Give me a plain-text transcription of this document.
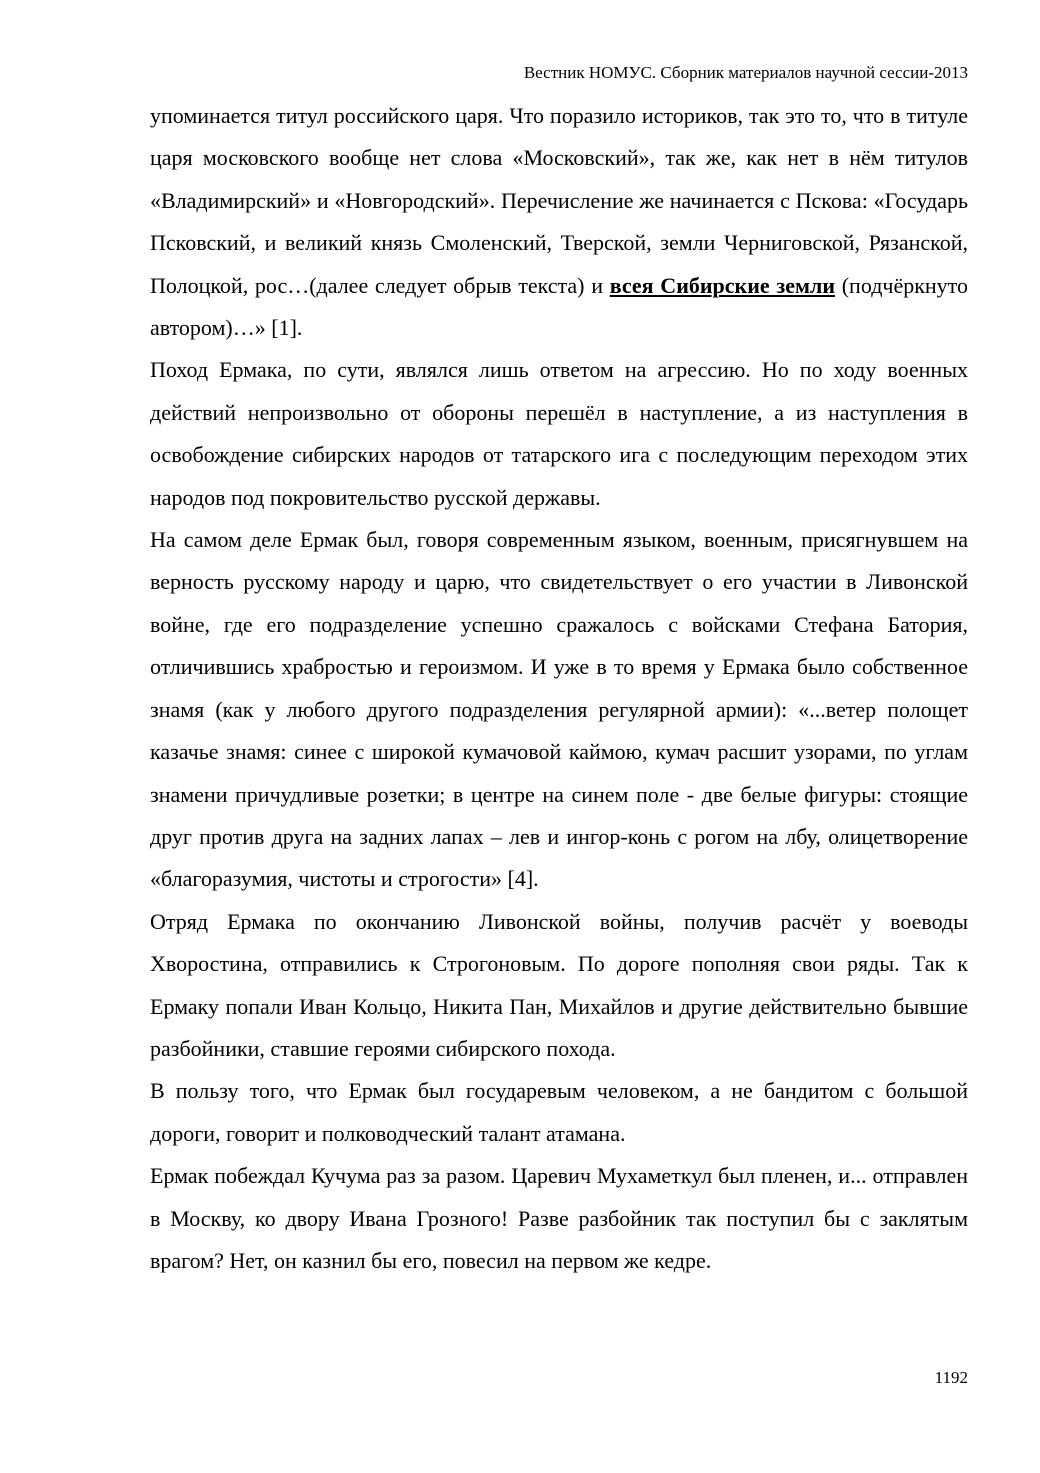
Вестник НОМУС. Сборник материалов научной сессии-2013

упоминается титул российского царя. Что поразило историков, так это то, что в титуле царя московского вообще нет слова «Московский», так же, как нет в нём титулов «Владимирский» и «Новгородский». Перечисление же начинается с Пскова: «Государь Псковский, и великий князь Смоленский, Тверской, земли Черниговской, Рязанской, Полоцкой, рос…(далее следует обрыв текста) и всея Сибирские земли (подчёркнуто автором)…» [1].

Поход Ермака, по сути, являлся лишь ответом на агрессию. Но по ходу военных действий непроизвольно от обороны перешёл в наступление, а из наступления в освобождение сибирских народов от татарского ига с последующим переходом этих народов под покровительство русской державы.

На самом деле Ермак был, говоря современным языком, военным, присягнувшем на верность русскому народу и царю, что свидетельствует о его участии в Ливонской войне, где его подразделение успешно сражалось с войсками Стефана Батория, отличившись храбростью и героизмом. И уже в то время у Ермака было собственное знамя (как у любого другого подразделения регулярной армии): «...ветер полощет казачье знамя: синее с широкой кумачовой каймою, кумач расшит узорами, по углам знамени причудливые розетки; в центре на синем поле - две белые фигуры: стоящие друг против друга на задних лапах – лев и ингор-конь с рогом на лбу, олицетворение «благоразумия, чистоты и строгости» [4].

Отряд Ермака по окончанию Ливонской войны, получив расчёт у воеводы Хворостина, отправились к Строгоновым. По дороге пополняя свои ряды. Так к Ермаку попали Иван Кольцо, Никита Пан, Михайлов и другие действительно бывшие разбойники, ставшие героями сибирского похода.

В пользу того, что Ермак был государевым человеком, а не бандитом с большой дороги, говорит и полководческий талант атамана.

Ермак побеждал Кучума раз за разом. Царевич Мухаметкул был пленен, и... отправлен в Москву, ко двору Ивана Грозного! Разве разбойник так поступил бы с заклятым врагом? Нет, он казнил бы его, повесил на первом же кедре.

1192
